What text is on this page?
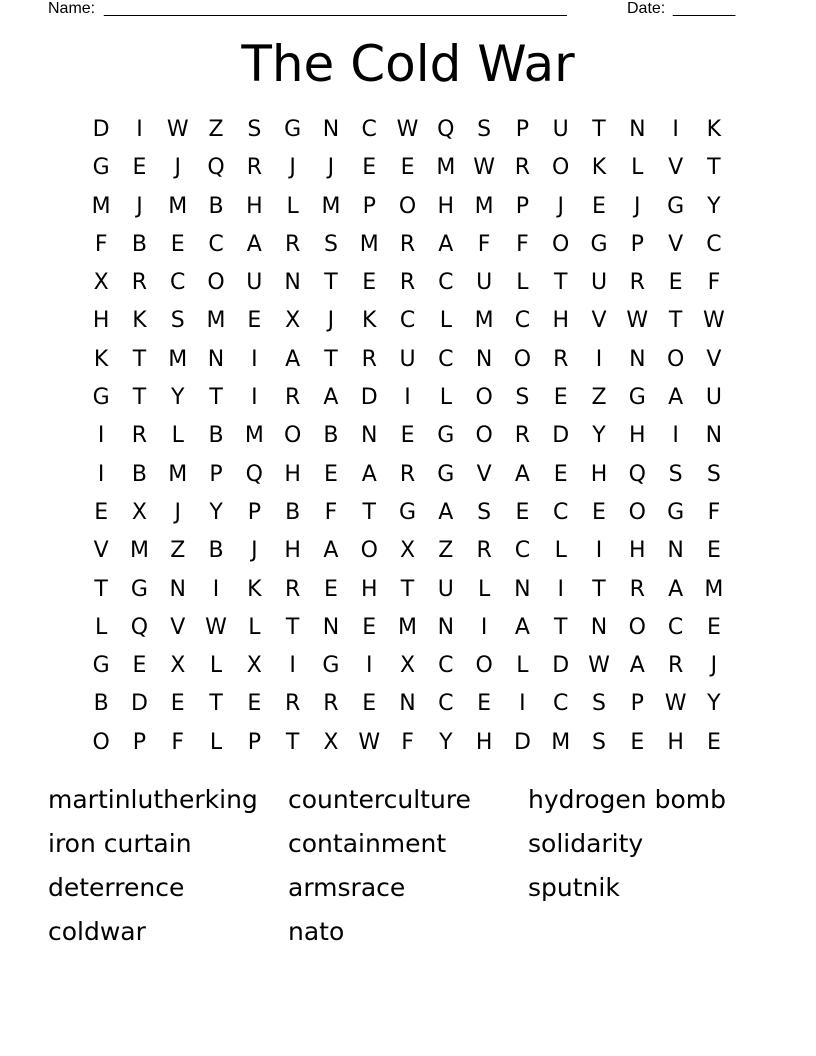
Name: ____________________________________________________	Date: _______
The Cold War
D	I	W Z	S	G N	C W Q	S	P	U	T	N	I	K
G	E	J	Q R	J	J	E	E M W R O	K	L	V	T
M	J	M B	H	L	M	P	O H M	P	J	E	J	G	Y
F	B	E	C	A	R	S M R	A	F	F	O G	P	V	C
X	R	C O U	N	T	E	R	C	U	L	T	U	R	E	F
H	K	S M E	X	J	K	C	L	M C	H	V W T W
K	T	M N	I	A	T	R	U	C	N O R	I	N O	V
G	T	Y	T	I	R	A	D	I	L	O	S	E	Z	G	A	U
I	R	L	B M O	B	N	E	G O R	D	Y	H	I	N
I	B M	P	Q H	E	A	R	G	V	A	E	H Q	S	S
E	X	J	Y	P	B	F	T	G	A	S	E	C	E	O G	F
V M Z	B	J	H	A	O	X	Z	R	C	L	I	H N	E
T	G N	I	K	R	E	H	T	U	L	N	I	T	R	A M
L	Q	V W L	T	N	E M N	I	A	T	N O C	E
G	E	X	L	X	I	G	I	X	C O	L	D W A	R	J
B	D	E	T	E	R	R	E	N	C	E	I	C	S	P W Y
O	P	F	L	P	T	X W F	Y	H D M S	E	H	E
martinlutherking	counterculture	hydrogen bomb
iron curtain	containment	solidarity
deterrence	armsrace	sputnik
coldwar	nato
